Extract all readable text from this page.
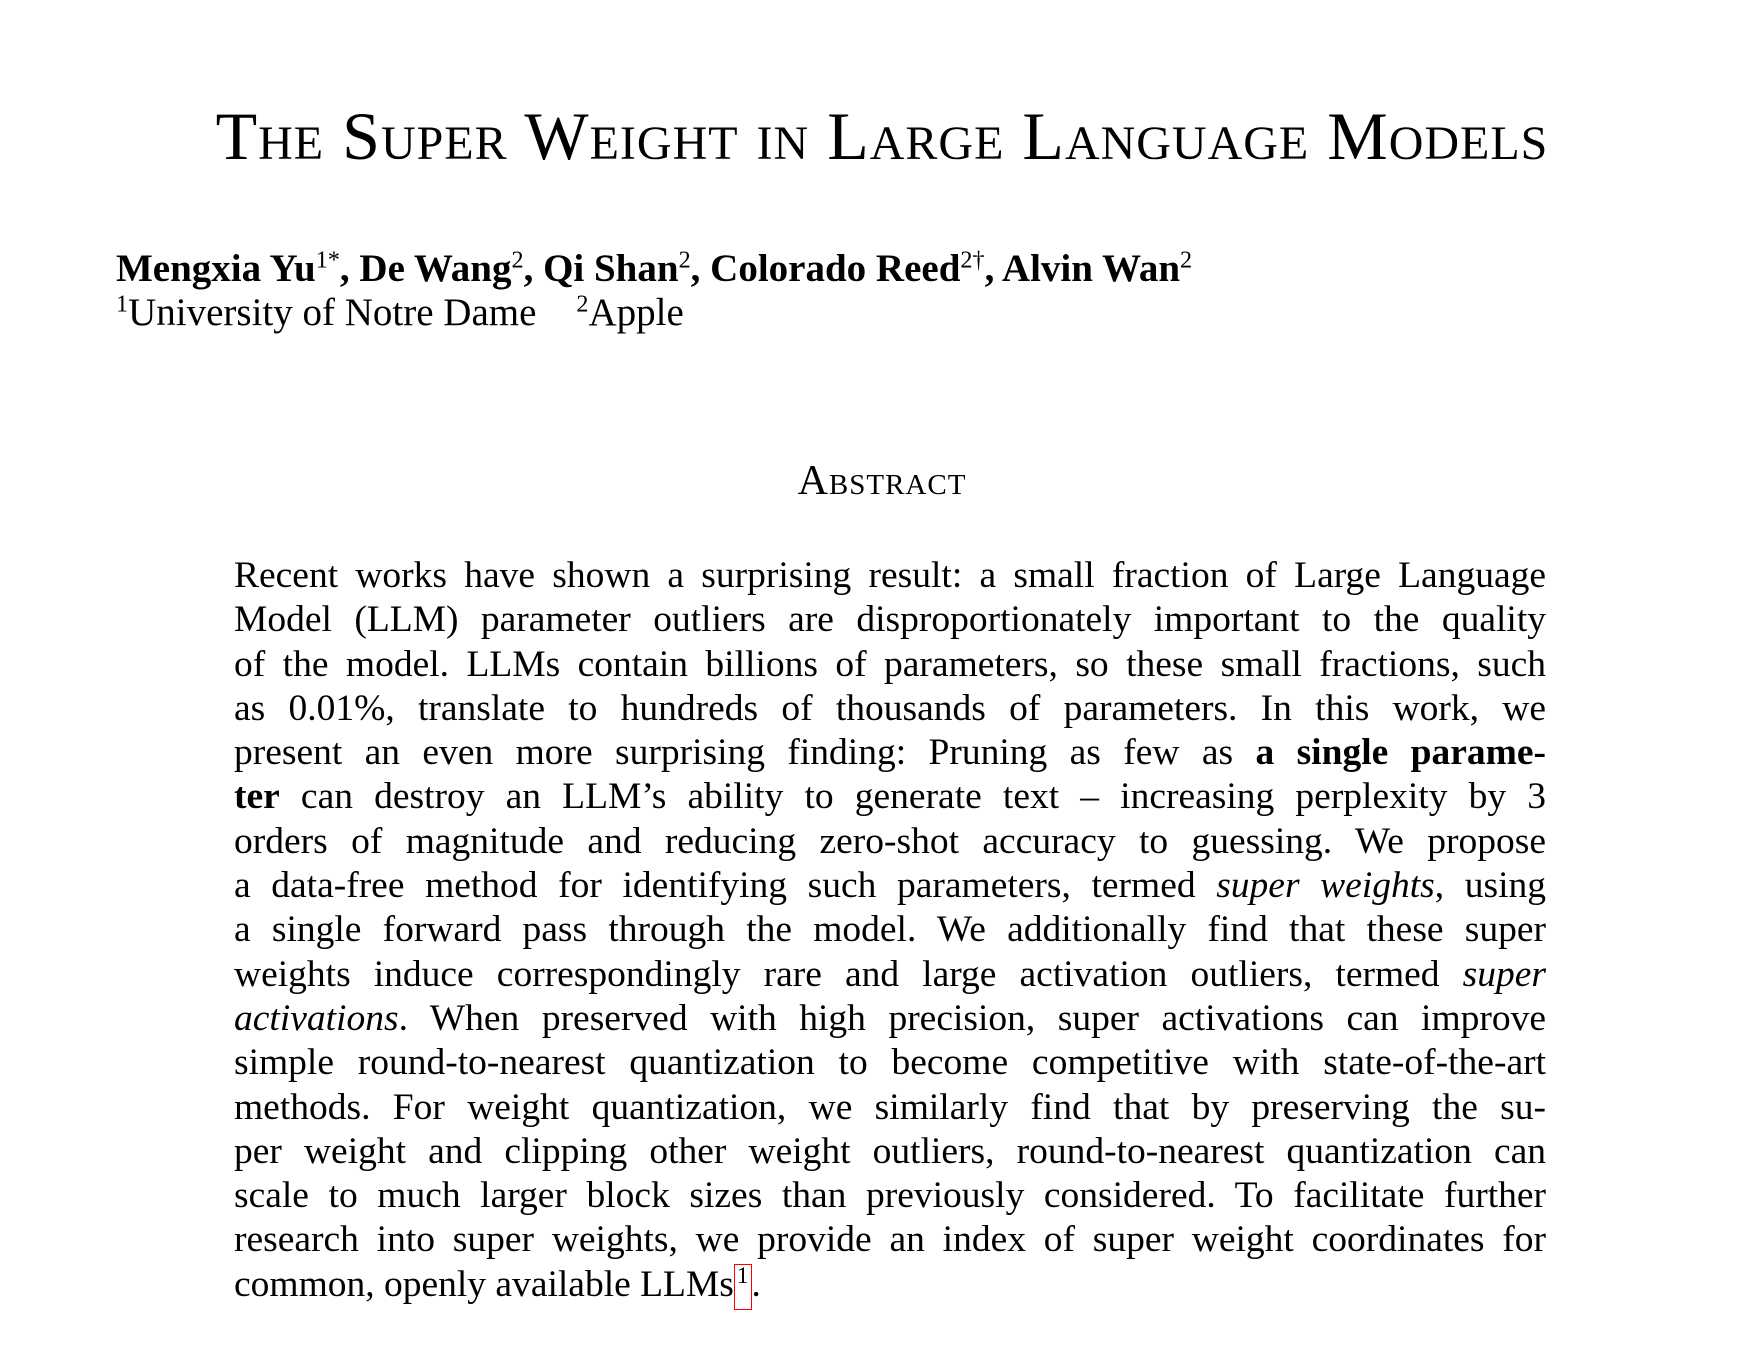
The Super Weight in Large Language Models
Mengxia $Yu^{1*}$, De Wang$^2$, Qi Shan$^2$, Colorado Reed$^{2\dagger}$, Alvin Wan$^2$
$^1$University of Notre Dame $^2$Apple
Abstract
Recent works have shown a surprising result: a small fraction of Large Language
Model (LLM) parameter outliers are disproportionately important to the quality
of the model. LLMs contain billions of parameters, so these small fractions, such
as 0.01%, translate to hundreds of thousands of parameters. In this work, we
present an even more surprising finding: Pruning as few as a single parame-
ter can destroy an LLM’s ability to generate text – increasing perplexity by 3
orders of magnitude and reducing zero-shot accuracy to guessing. We propose
a data-free method for identifying such parameters, termed super weights, using
a single forward pass through the model. We additionally find that these super
weights induce correspondingly rare and large activation outliers, termed super
activations. When preserved with high precision, super activations can improve
simple round-to-nearest quantization to become competitive with state-of-the-art
methods. For weight quantization, we similarly find that by preserving the su-
per weight and clipping other weight outliers, round-to-nearest quantization can
scale to much larger block sizes than previously considered. To facilitate further
research into super weights, we provide an index of super weight coordinates for
common, openly available LLMs 1.
